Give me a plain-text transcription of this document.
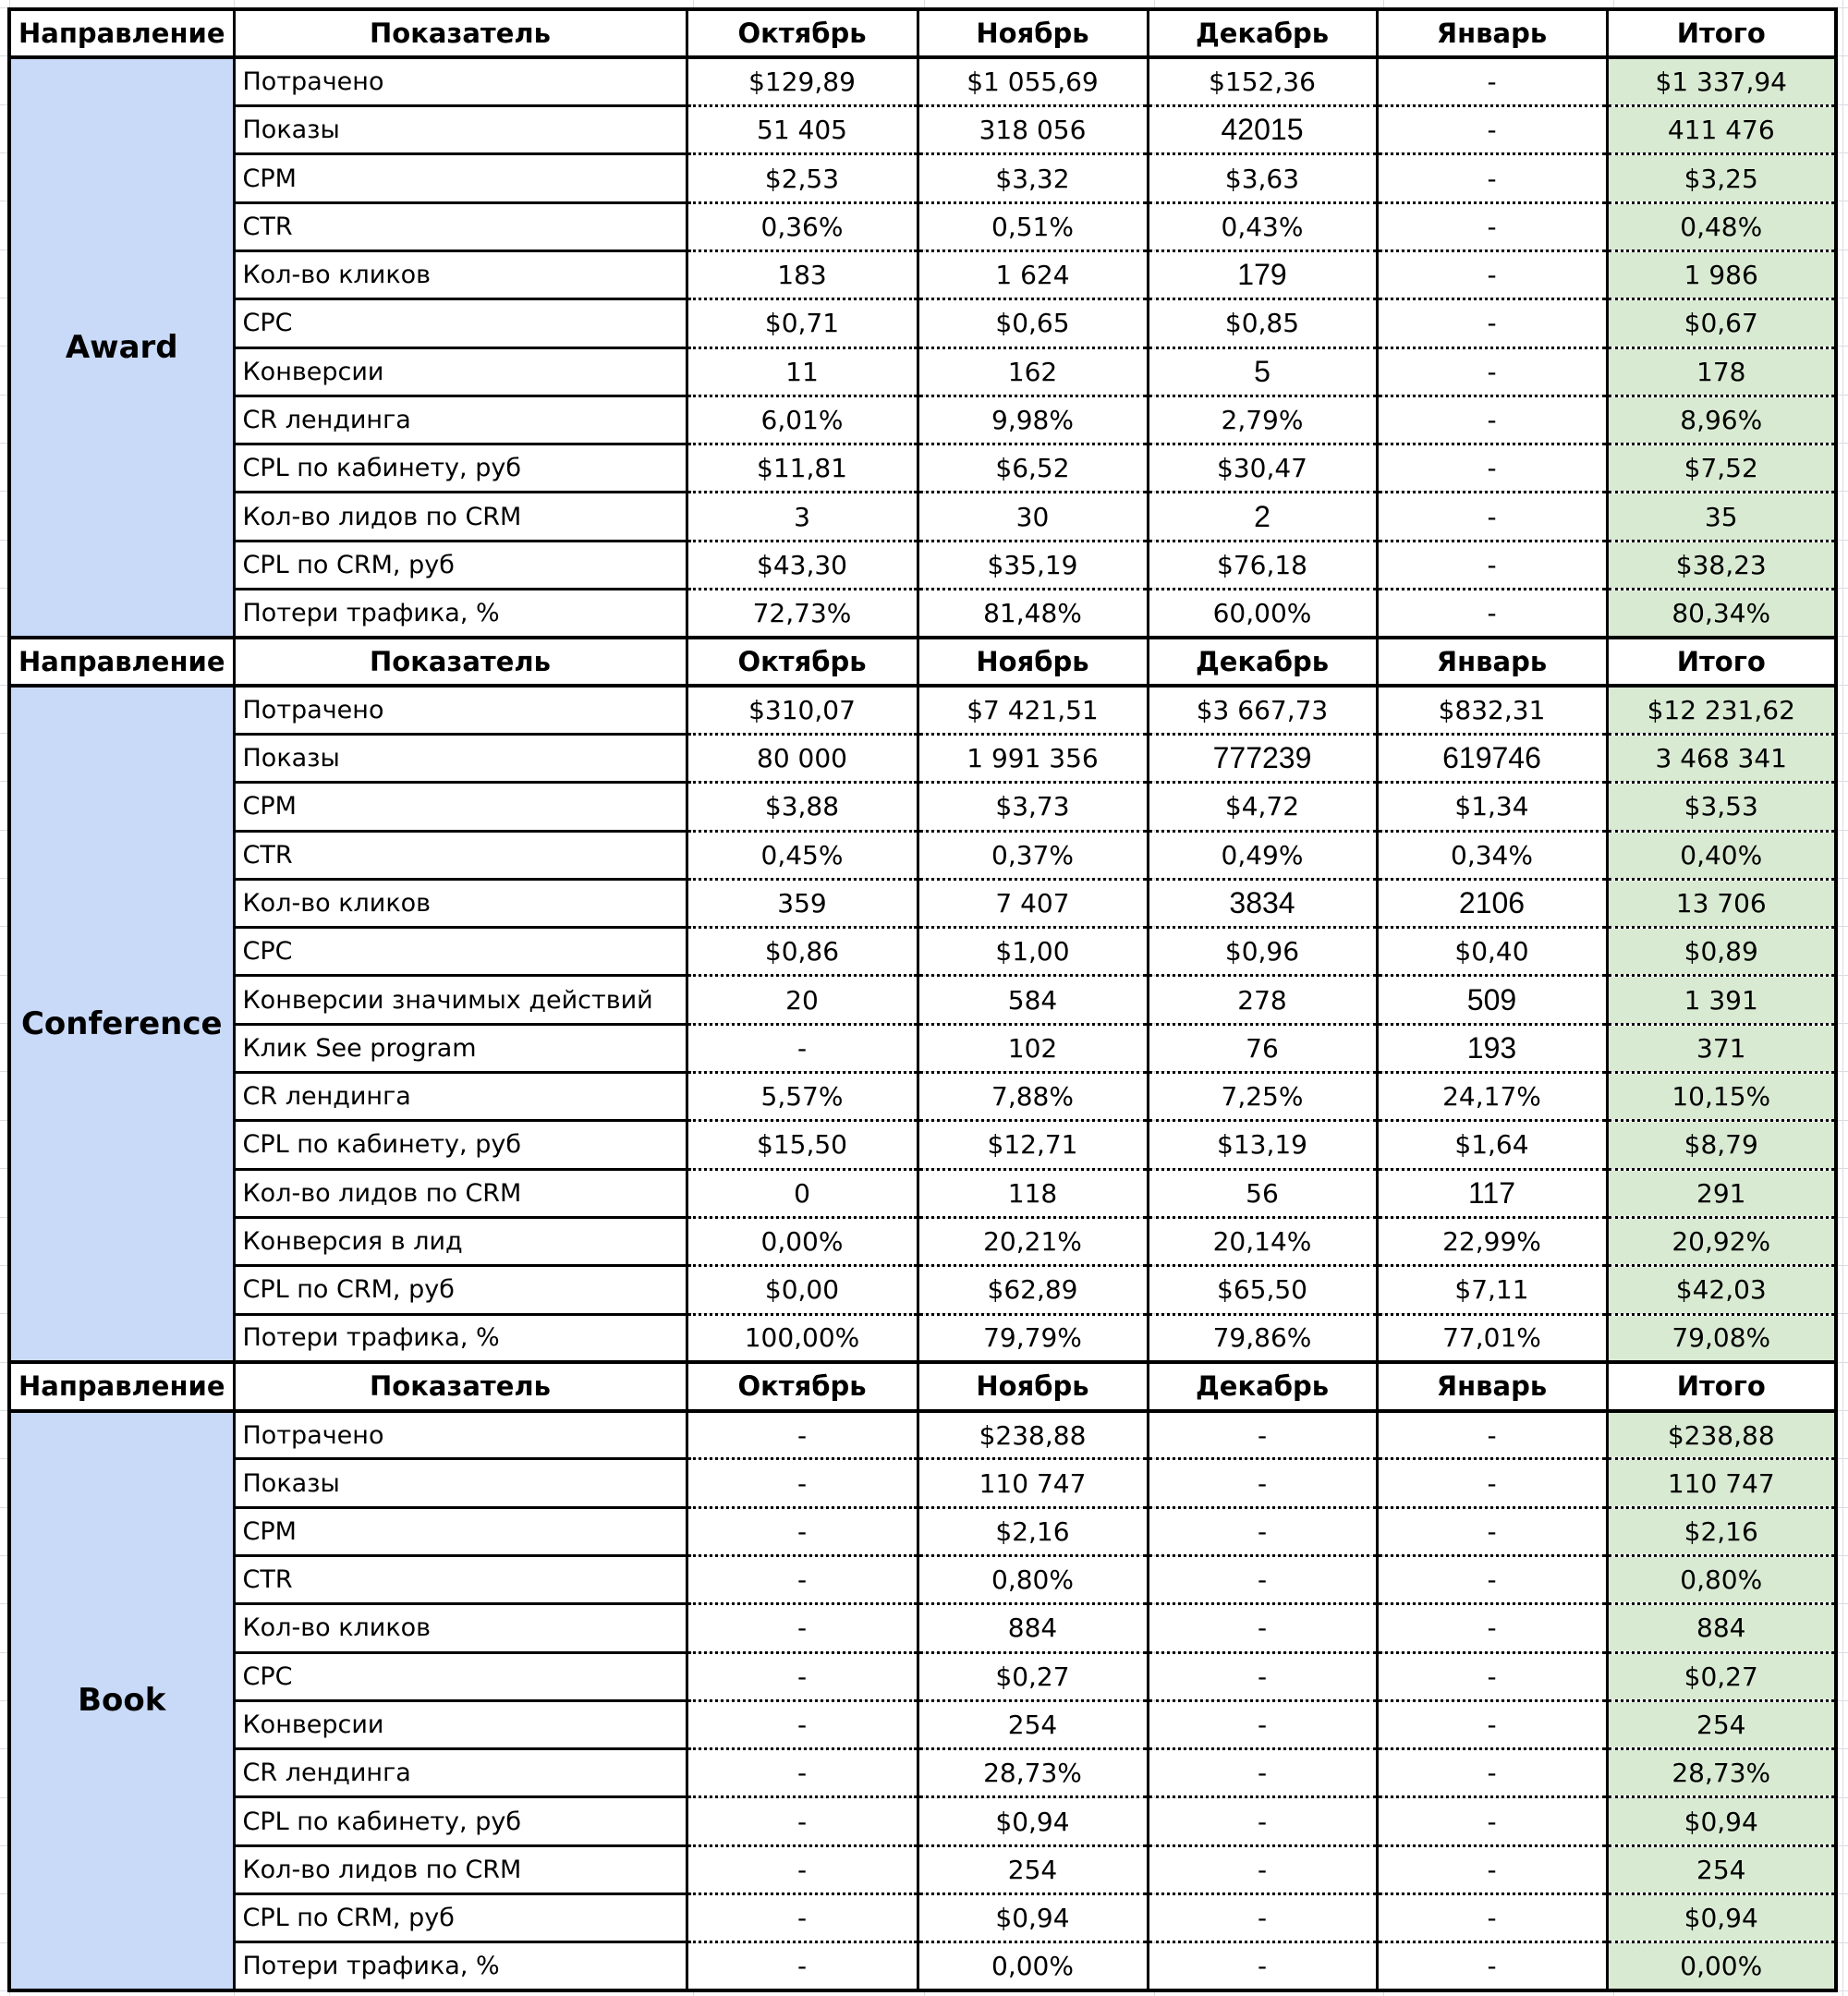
Направление	Показатель	Октябрь	Ноябрь	Декабрь	Январь	Итого
Award	Потрачено	$129,89	$1 055,69	$152,36	-	$1 337,94
	Показы	51 405	318 056	42015	-	411 476
	CPM	$2,53	$3,32	$3,63	-	$3,25
	CTR	0,36%	0,51%	0,43%	-	0,48%
	Кол-во кликов	183	1 624	179	-	1 986
	CPC	$0,71	$0,65	$0,85	-	$0,67
	Конверсии	11	162	5	-	178
	CR лендинга	6,01%	9,98%	2,79%	-	8,96%
	CPL по кабинету, руб	$11,81	$6,52	$30,47	-	$7,52
	Кол-во лидов по CRM	3	30	2	-	35
	CPL по CRM, руб	$43,30	$35,19	$76,18	-	$38,23
	Потери трафика, %	72,73%	81,48%	60,00%	-	80,34%
Направление	Показатель	Октябрь	Ноябрь	Декабрь	Январь	Итого
Conference	Потрачено	$310,07	$7 421,51	$3 667,73	$832,31	$12 231,62
	Показы	80 000	1 991 356	777239	619746	3 468 341
	CPM	$3,88	$3,73	$4,72	$1,34	$3,53
	CTR	0,45%	0,37%	0,49%	0,34%	0,40%
	Кол-во кликов	359	7 407	3834	2106	13 706
	CPC	$0,86	$1,00	$0,96	$0,40	$0,89
	Конверсии значимых действий	20	584	278	509	1 391
	Клик See program	-	102	76	193	371
	CR лендинга	5,57%	7,88%	7,25%	24,17%	10,15%
	CPL по кабинету, руб	$15,50	$12,71	$13,19	$1,64	$8,79
	Кол-во лидов по CRM	0	118	56	117	291
	Конверсия в лид	0,00%	20,21%	20,14%	22,99%	20,92%
	CPL по CRM, руб	$0,00	$62,89	$65,50	$7,11	$42,03
	Потери трафика, %	100,00%	79,79%	79,86%	77,01%	79,08%
Направление	Показатель	Октябрь	Ноябрь	Декабрь	Январь	Итого
Book	Потрачено	-	$238,88	-	-	$238,88
	Показы	-	110 747	-	-	110 747
	CPM	-	$2,16	-	-	$2,16
	CTR	-	0,80%	-	-	0,80%
	Кол-во кликов	-	884	-	-	884
	CPC	-	$0,27	-	-	$0,27
	Конверсии	-	254	-	-	254
	CR лендинга	-	28,73%	-	-	28,73%
	CPL по кабинету, руб	-	$0,94	-	-	$0,94
	Кол-во лидов по CRM	-	254	-	-	254
	CPL по CRM, руб	-	$0,94	-	-	$0,94
	Потери трафика, %	-	0,00%	-	-	0,00%
